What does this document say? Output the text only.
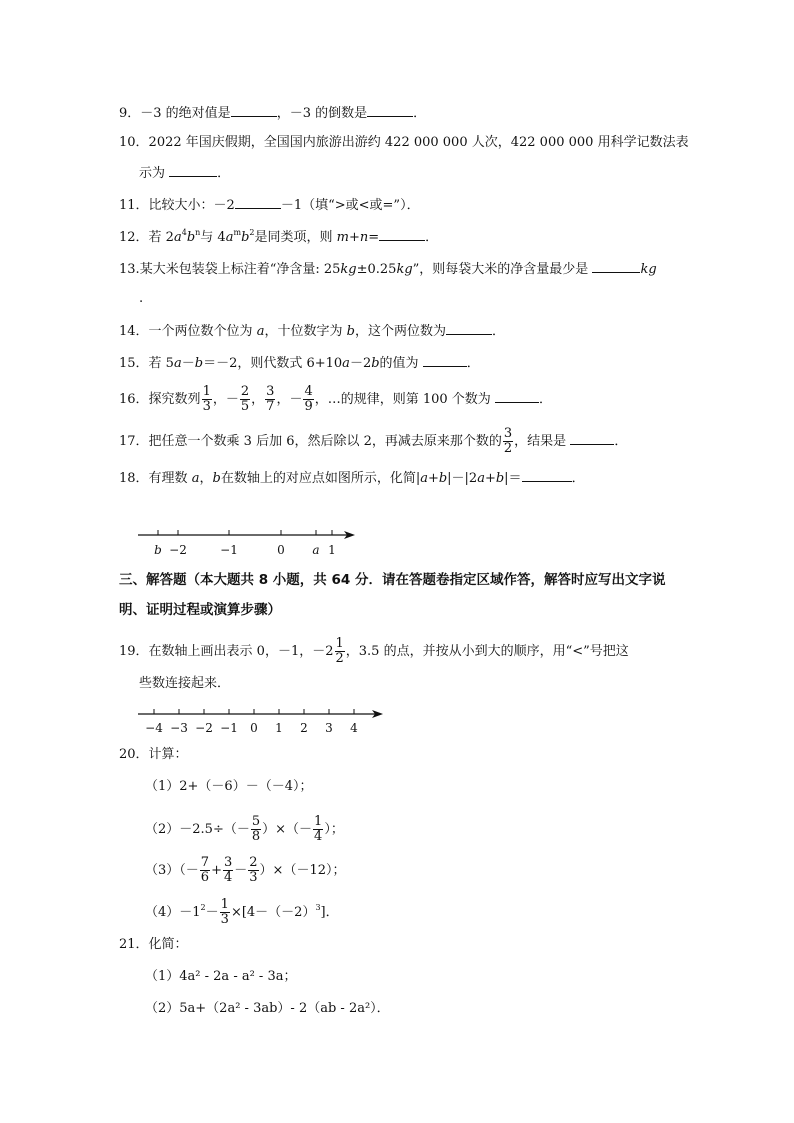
9．－3 的绝对值是	，－3 的倒数是	．
10．2022 年国庆假期，全国国内旅游出游约 422 000 000 人次，422 000 000 用科学记数法表
示为	．
11．比较大小：－2	－1（填“>或<或=”）．
12．若 $2a^4b^n$与 $4a^mb^2$是同类项，则 m+n=	．
13.某大米包装袋上标注着“净含量: 25kg±0.25kg”，则每袋大米的净含量最少是	kg
.
14．一个两位数个位为 a，十位数字为 b，这个两位数为	．
15．若 5a－b＝－2，则代数式 6+10a－2b的值为	．
16．探究数列 $\frac{1}{3}$ ，－ $\frac{2}{5}$ ， $\frac{3}{7}$ ，－ $\frac{4}{9}$ ，…的规律，则第 100 个数为	．
17．把任意一个数乘 3 后加 6，然后除以 2，再减去原来那个数的 $\frac{3}{2}$ ，结果是	．
18．有理数 a，b在数轴上的对应点如图所示，化简|a+b|－|2a+b|＝	．
b −2	−1	0 a 1
三、解答题（本大题共 8 小题，共 64 分．请在答题卷指定区域作答，解答时应写出文字说
明、证明过程或演算步骤）
19．在数轴上画出表示 0，－1，$-2 \frac{1}{2}$ ，3.5 的点，并按从小到大的顺序，用“<”号把这
些数连接起来．
−4 −3 −2 −1 0 1 2 3 4
20．计算：
（1）2+（－6）－（－4）；
$(2)-2.5\div(- \frac{5}{8}$ ）×（－ $\frac{1}{4}$ ）；
$(3)(- \frac{7}{6} + \frac{3}{4} - \frac{2}{3} )\times(-12)$；
$(4)-1^2- \frac{1}{3} \times[4-(-2)^3]$．
21．化简：
（1）4a² - 2a - a² - 3a；
（2）5a+（2a² - 3ab）- 2（ab - 2a²）．
